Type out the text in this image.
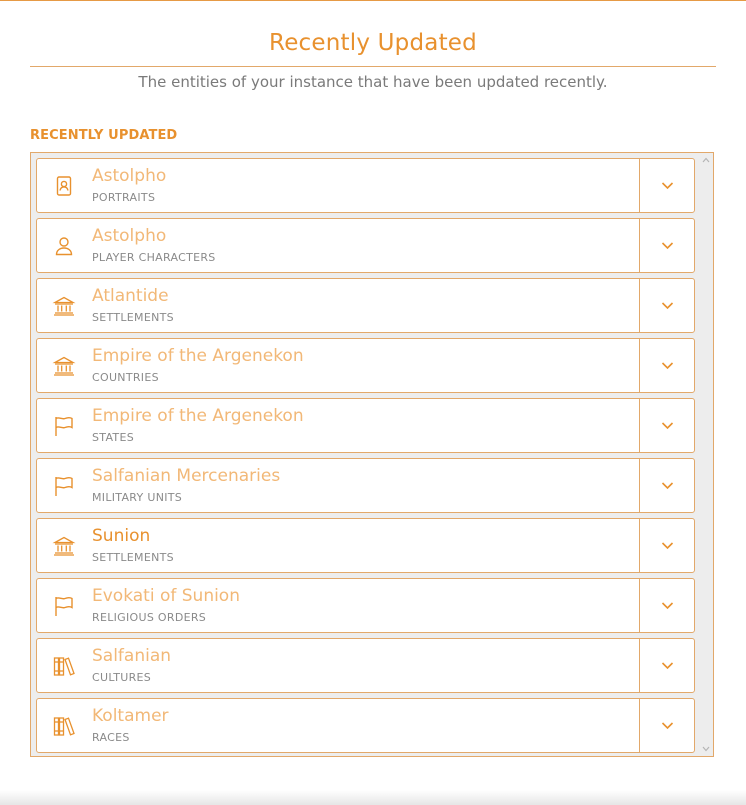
Recently Updated
The entities of your instance that have been updated recently.
RECENTLY UPDATED
Astolpho
PORTRAITS
Astolpho
PLAYER CHARACTERS
Atlantide
SETTLEMENTS
Empire of the Argenekon
COUNTRIES
Empire of the Argenekon
STATES
Salfanian Mercenaries
MILITARY UNITS
Sunion
SETTLEMENTS
Evokati of Sunion
RELIGIOUS ORDERS
Salfanian
CULTURES
Koltamer
RACES
